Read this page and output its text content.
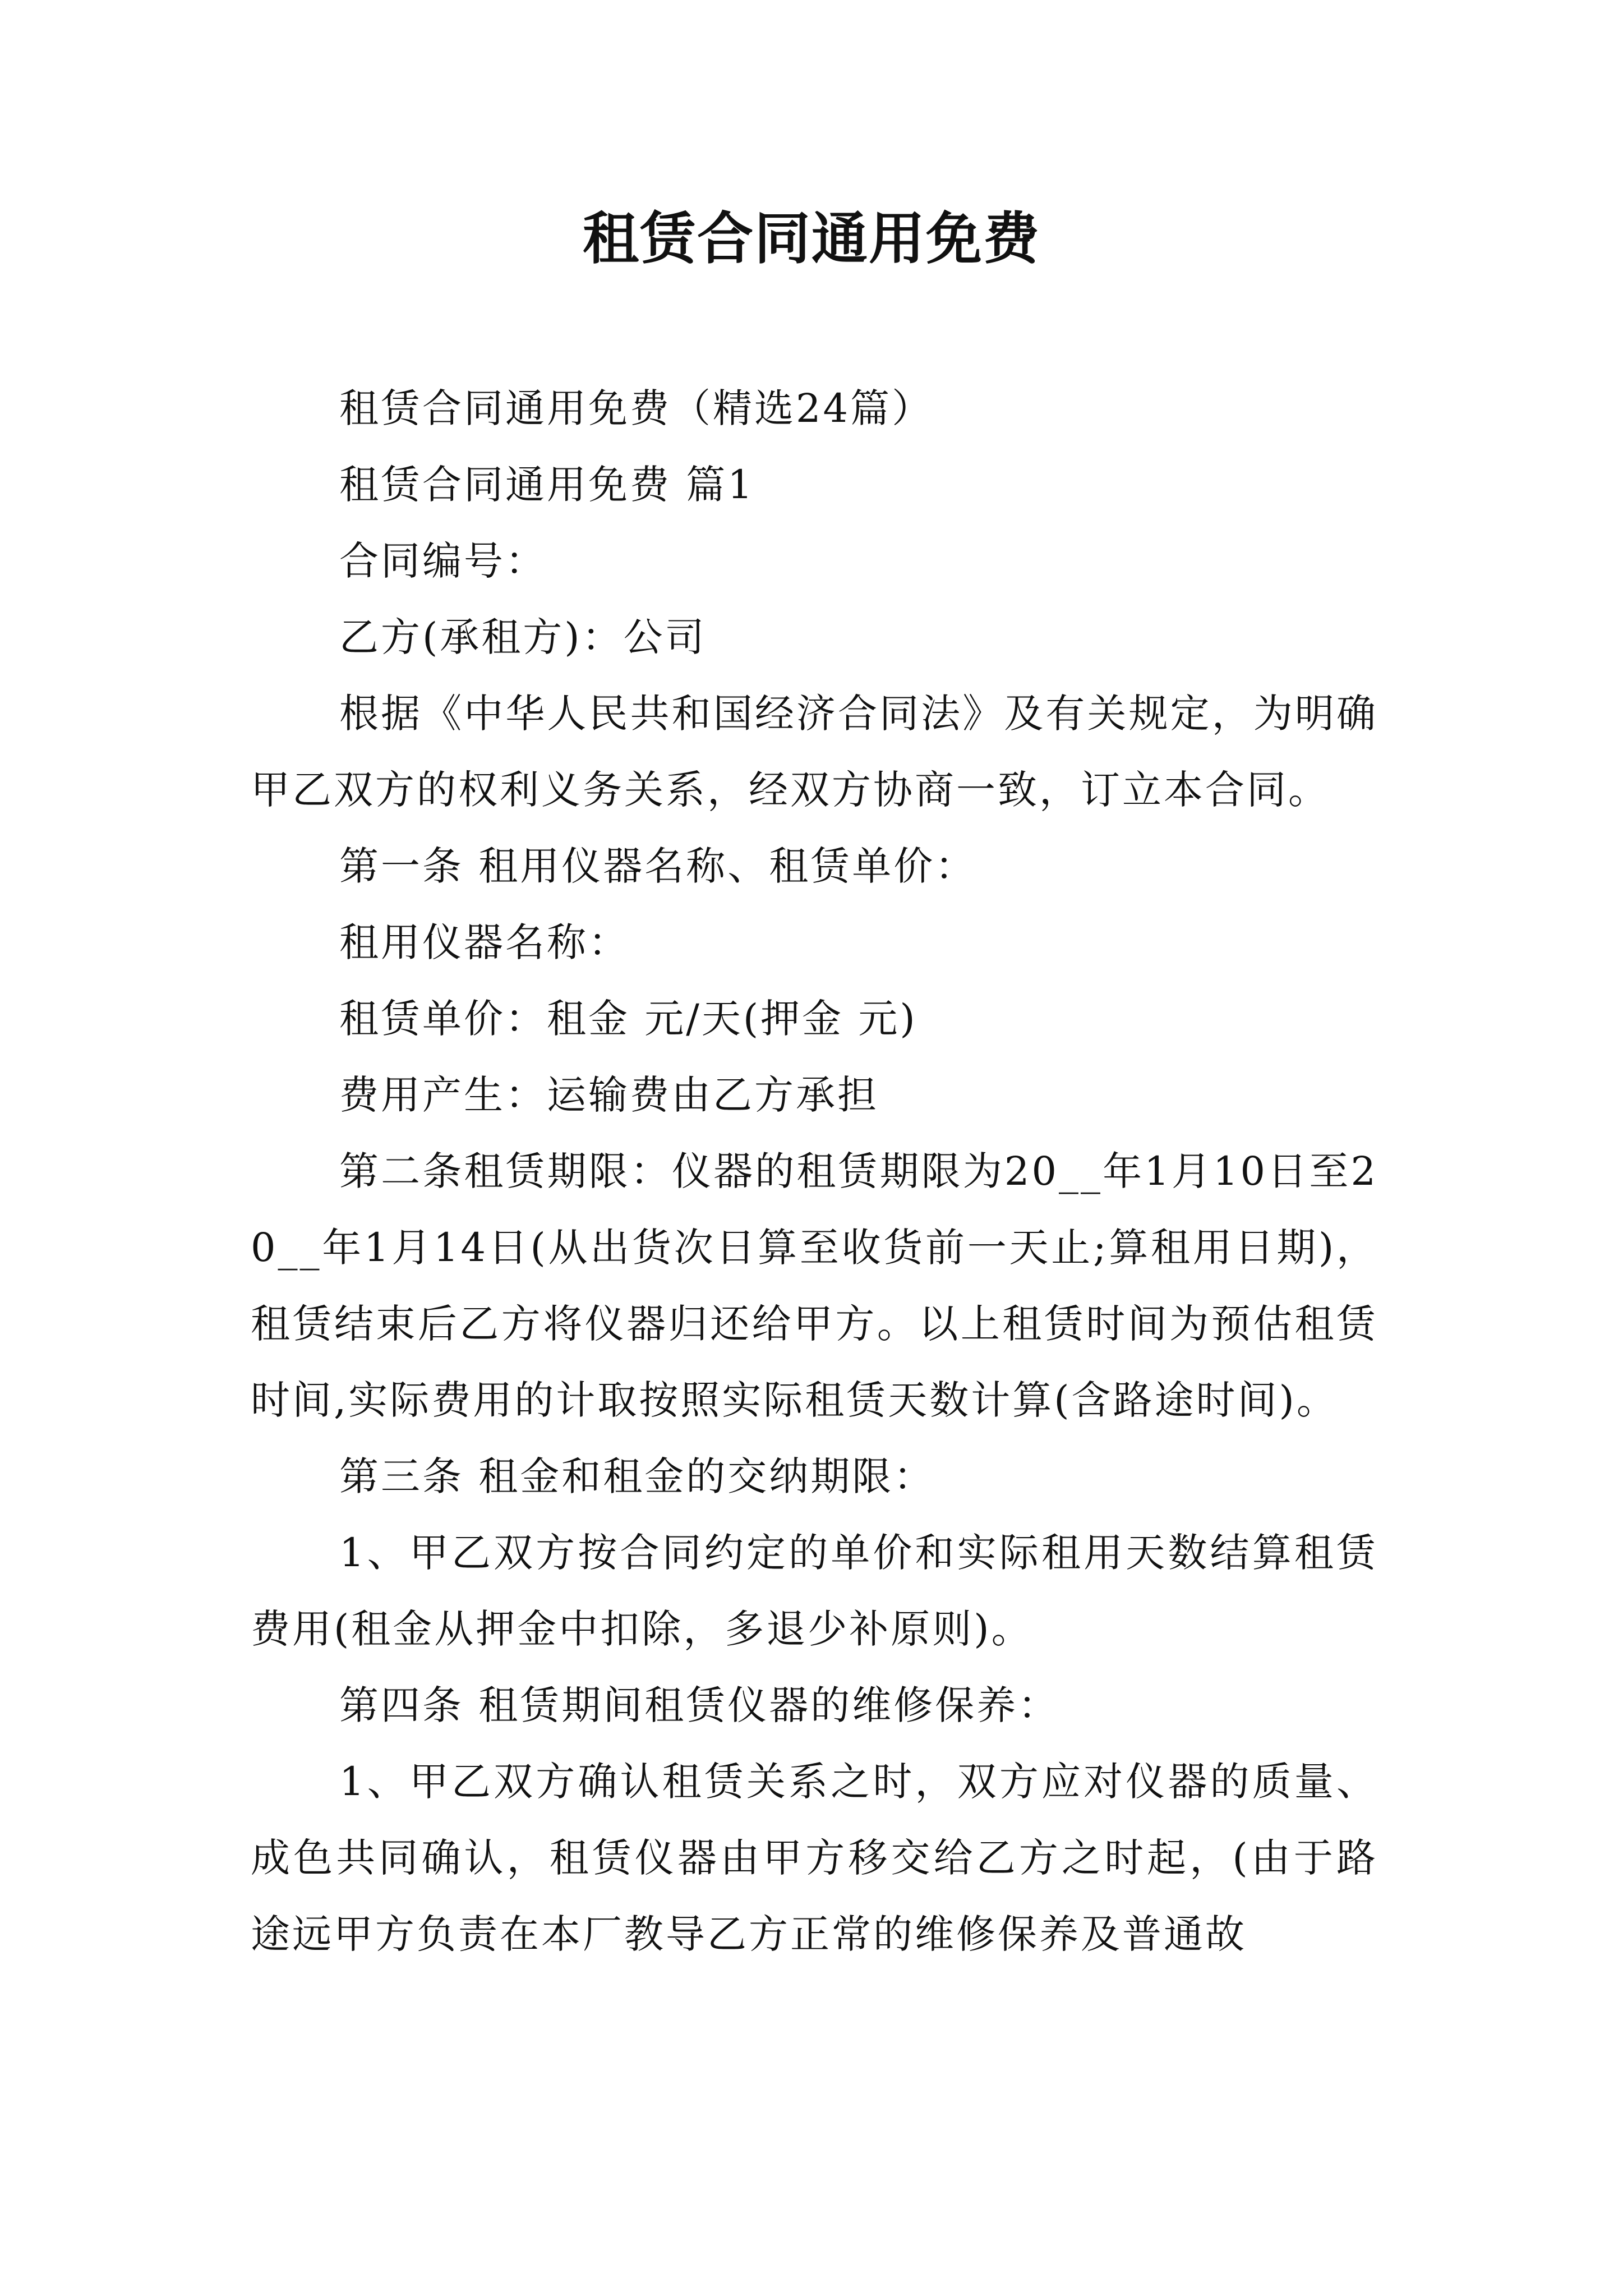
租赁合同通用免费

租赁合同通用免费（精选24篇）

租赁合同通用免费 篇1

合同编号：

乙方(承租方)：公司

根据《中华人民共和国经济合同法》及有关规定，为明确甲乙双方的权利义务关系，经双方协商一致，订立本合同。

第一条 租用仪器名称、租赁单价：

租用仪器名称：

租赁单价：租金 元/天(押金 元)

费用产生：运输费由乙方承担

第二条租赁期限：仪器的租赁期限为20__年1月10日至20__年1月14日(从出货次日算至收货前一天止;算租用日期)，租赁结束后乙方将仪器归还给甲方。以上租赁时间为预估租赁时间,实际费用的计取按照实际租赁天数计算(含路途时间)。

第三条 租金和租金的交纳期限：

1、甲乙双方按合同约定的单价和实际租用天数结算租赁费用(租金从押金中扣除，多退少补原则)。

第四条 租赁期间租赁仪器的维修保养：

1、甲乙双方确认租赁关系之时，双方应对仪器的质量、成色共同确认，租赁仪器由甲方移交给乙方之时起，(由于路途远甲方负责在本厂教导乙方正常的维修保养及普通故
